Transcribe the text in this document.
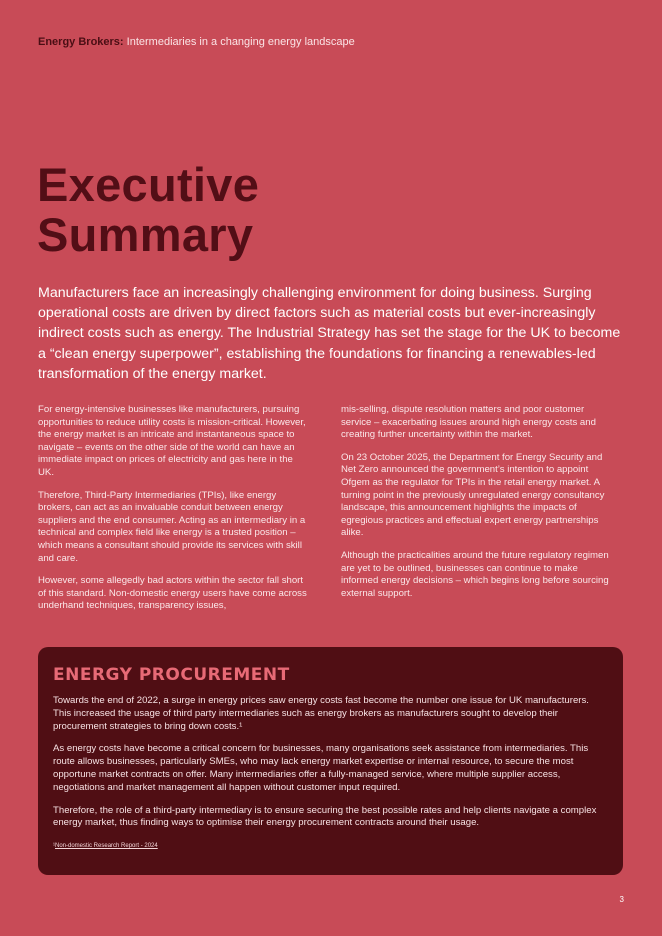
Energy Brokers: Intermediaries in a changing energy landscape
Executive
Summary

Manufacturers face an increasingly challenging environment for doing business. Surging operational costs are driven by direct factors such as material costs but ever-increasingly indirect costs such as energy. The Industrial Strategy has set the stage for the UK to become a “clean energy superpower”, establishing the foundations for financing a renewables-led transformation of the energy market.

For energy-intensive businesses like manufacturers, pursuing opportunities to reduce utility costs is mission-critical. However, the energy market is an intricate and instantaneous space to navigate – events on the other side of the world can have an immediate impact on prices of electricity and gas here in the UK.

Therefore, Third-Party Intermediaries (TPIs), like energy brokers, can act as an invaluable conduit between energy suppliers and the end consumer. Acting as an intermediary in a technical and complex field like energy is a trusted position – which means a consultant should provide its services with skill and care.

However, some allegedly bad actors within the sector fall short of this standard. Non-domestic energy users have come across underhand techniques, transparency issues,

mis-selling, dispute resolution matters and poor customer service – exacerbating issues around high energy costs and creating further uncertainty within the market.

On 23 October 2025, the Department for Energy Security and Net Zero announced the government’s intention to appoint Ofgem as the regulator for TPIs in the retail energy market. A turning point in the previously unregulated energy consultancy landscape, this announcement highlights the impacts of egregious practices and effectual expert energy partnerships alike.

Although the practicalities around the future regulatory regimen are yet to be outlined, businesses can continue to make informed energy decisions – which begins long before sourcing external support.

ENERGY PROCUREMENT

Towards the end of 2022, a surge in energy prices saw energy costs fast become the number one issue for UK manufacturers. This increased the usage of third party intermediaries such as energy brokers as manufacturers sought to develop their procurement strategies to bring down costs.¹

As energy costs have become a critical concern for businesses, many organisations seek assistance from intermediaries. This route allows businesses, particularly SMEs, who may lack energy market expertise or internal resource, to secure the most opportune market contracts on offer. Many intermediaries offer a fully-managed service, where multiple supplier access, negotiations and market management all happen without customer input required.

Therefore, the role of a third-party intermediary is to ensure securing the best possible rates and help clients navigate a complex energy market, thus finding ways to optimise their energy procurement contracts around their usage.

¹Non-domestic Research Report - 2024

3
